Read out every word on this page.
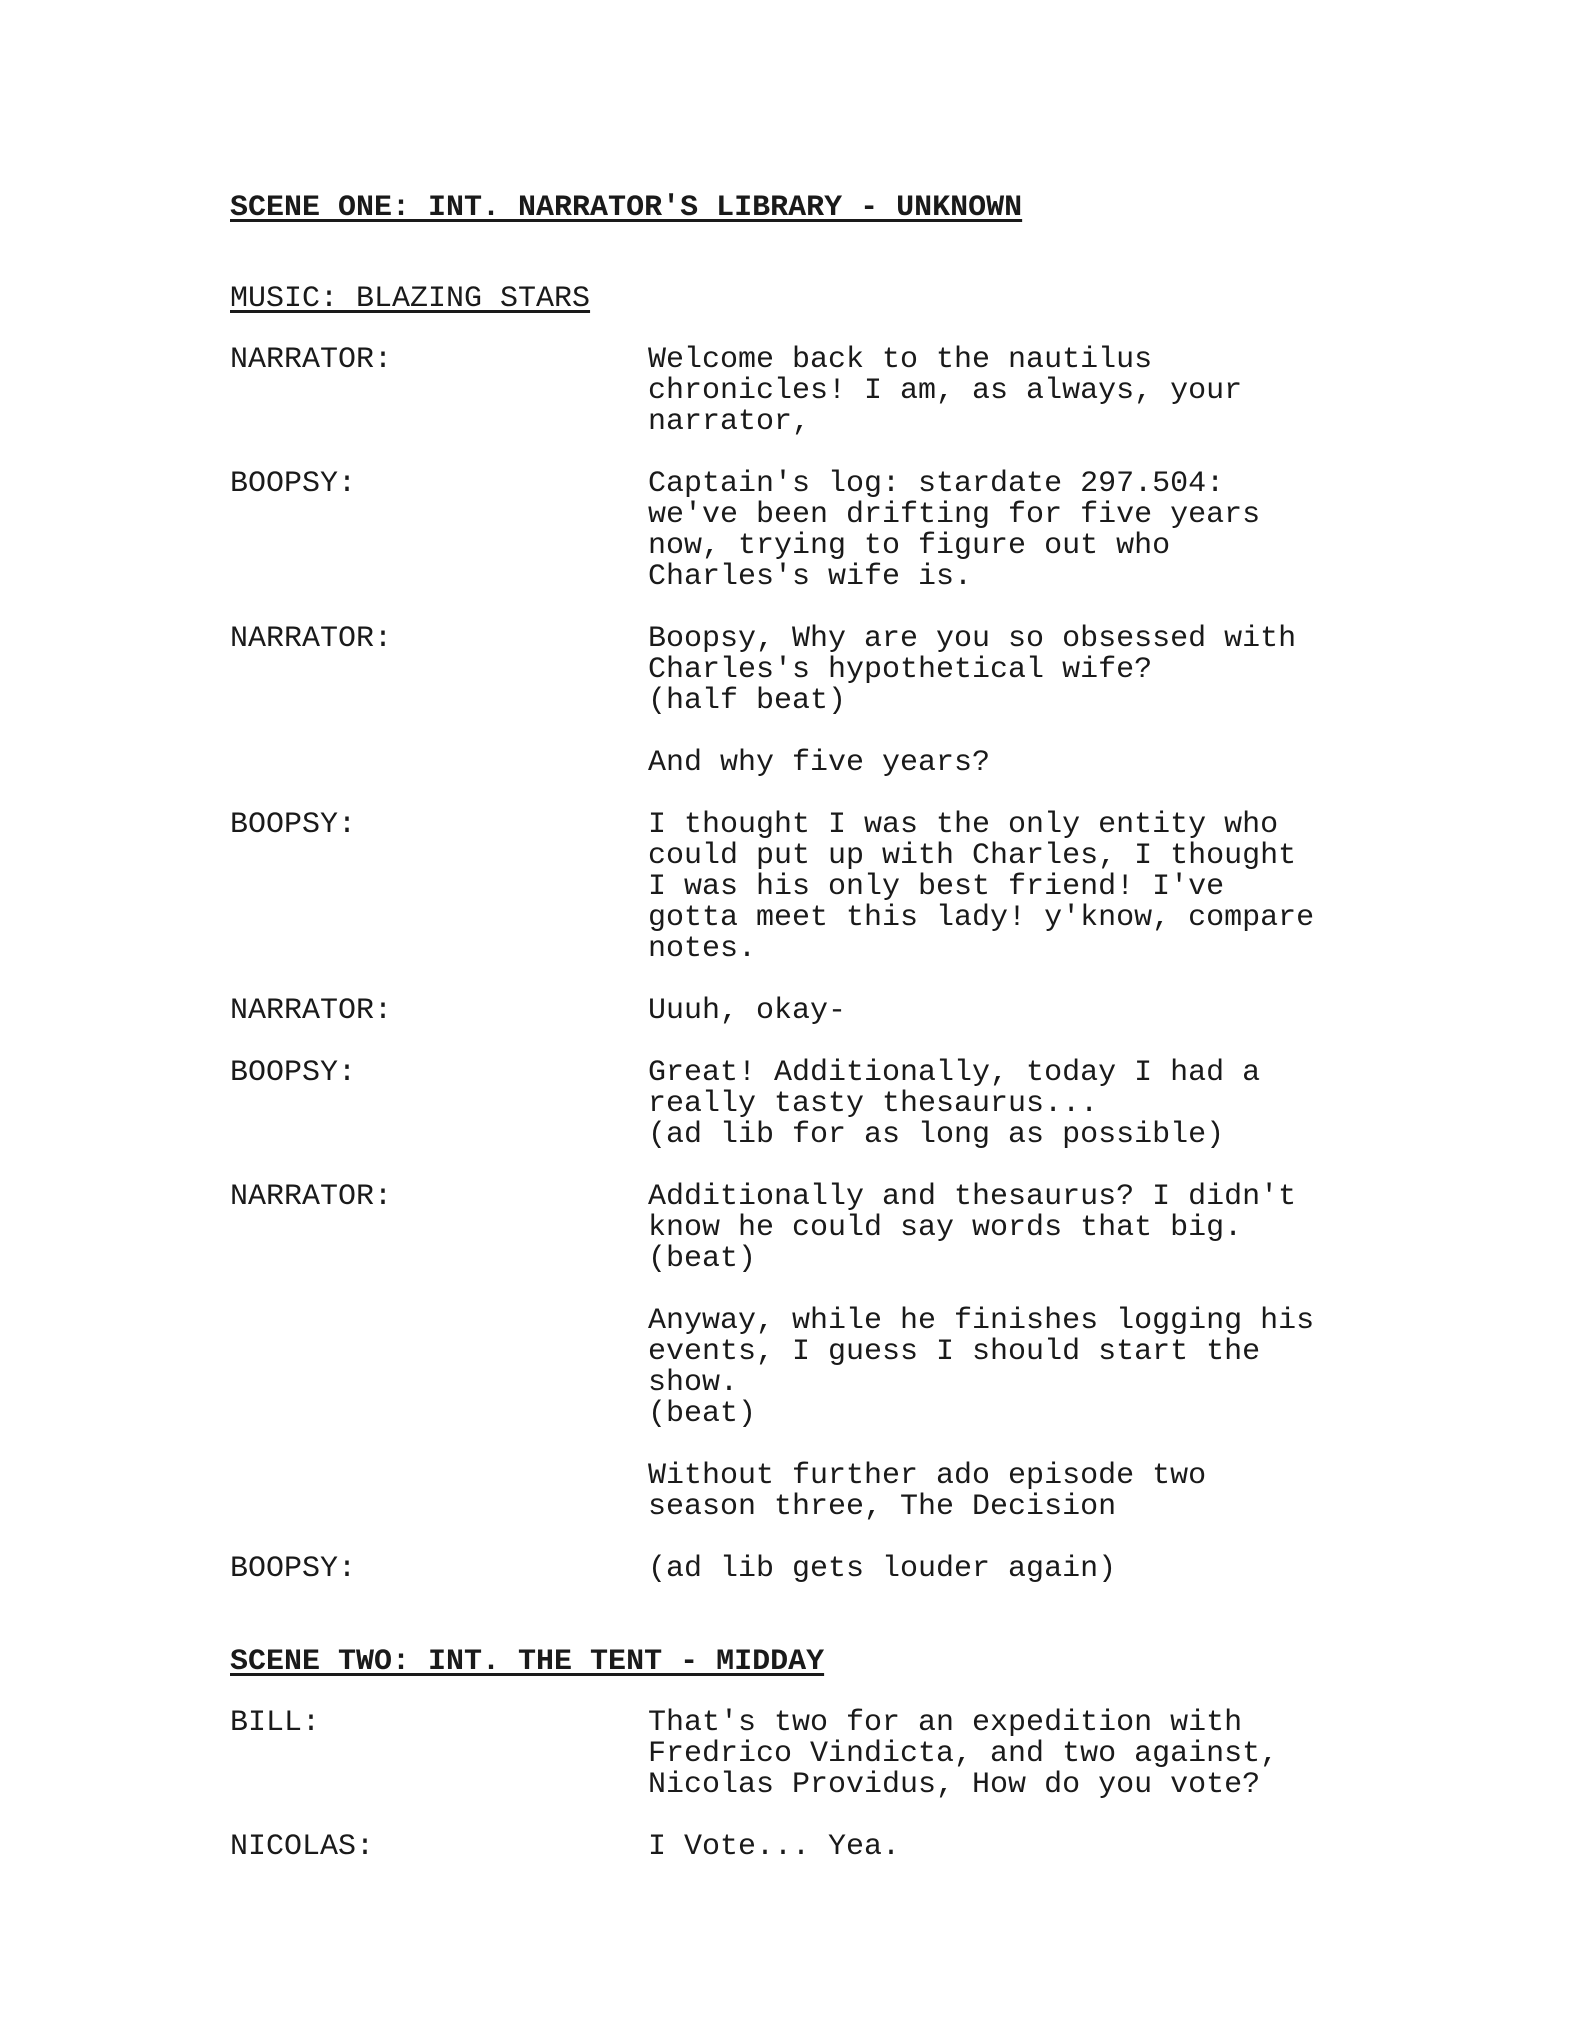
SCENE ONE: INT. NARRATOR'S LIBRARY - UNKNOWN
MUSIC: BLAZING STARS
NARRATOR:	Welcome back to the nautilus
chronicles! I am, as always, your
narrator,
BOOPSY:	Captain's log: stardate 297.504:
we've been drifting for five years
now, trying to figure out who
Charles's wife is.
NARRATOR:	Boopsy, Why are you so obsessed with
Charles's hypothetical wife?
(half beat)
And why five years?
BOOPSY:	I thought I was the only entity who
could put up with Charles, I thought
I was his only best friend! I've
gotta meet this lady! y'know, compare
notes.
NARRATOR:	Uuuh, okay-
BOOPSY:	Great! Additionally, today I had a
really tasty thesaurus...
(ad lib for as long as possible)
NARRATOR:	Additionally and thesaurus? I didn't
know he could say words that big.
(beat)
Anyway, while he finishes logging his
events, I guess I should start the
show.
(beat)
Without further ado episode two
season three, The Decision
BOOPSY:	(ad lib gets louder again)
SCENE TWO: INT. THE TENT - MIDDAY
BILL:	That's two for an expedition with
Fredrico Vindicta, and two against,
Nicolas Providus, How do you vote?
NICOLAS:	I Vote... Yea.
